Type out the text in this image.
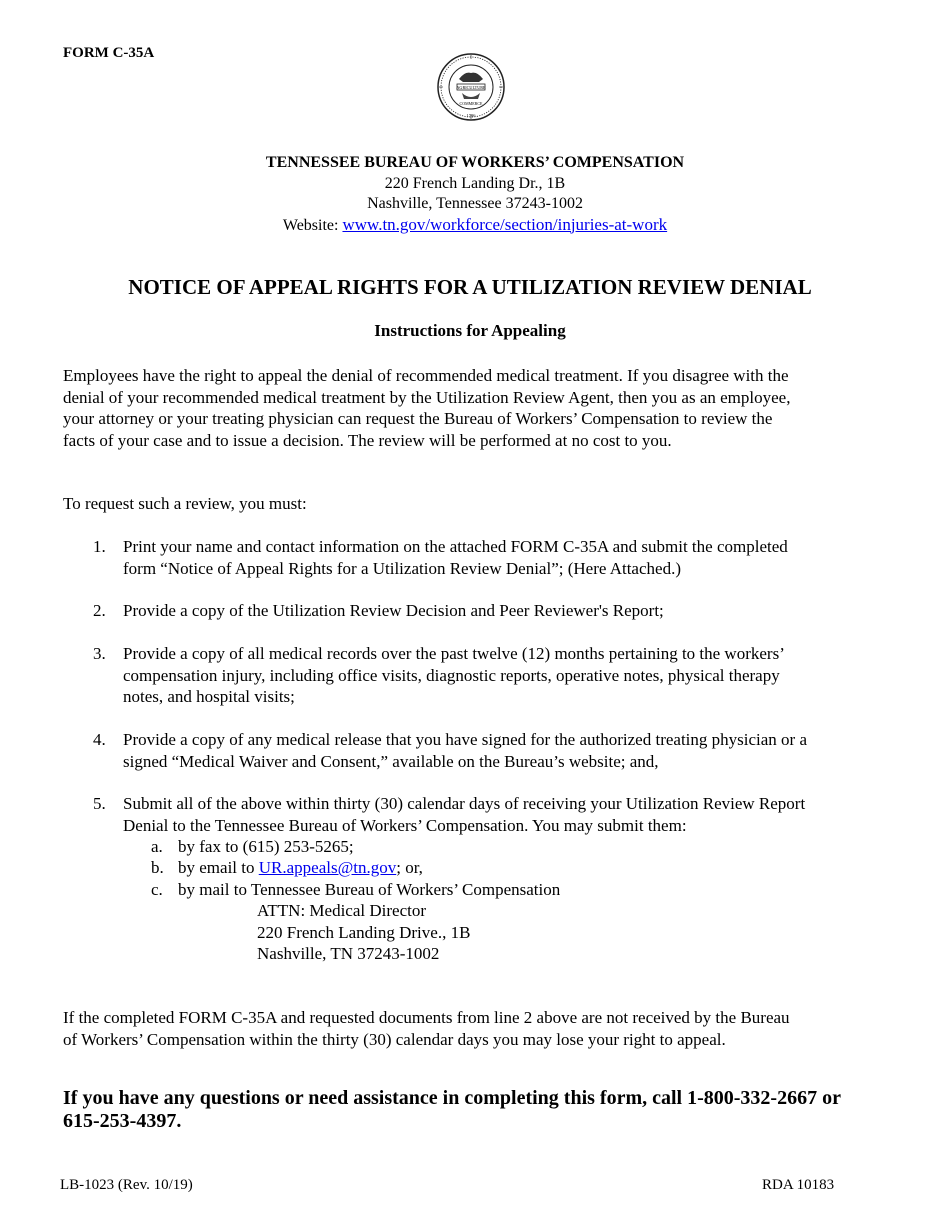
FORM C-35A
AGRICULTURE
COMMERCE
1796
TENNESSEE BUREAU OF WORKERS’ COMPENSATION
220 French Landing Dr., 1B
Nashville, Tennessee 37243-1002
Website: www.tn.gov/workforce/section/injuries-at-work
NOTICE OF APPEAL RIGHTS FOR A UTILIZATION REVIEW DENIAL
Instructions for Appealing
Employees have the right to appeal the denial of recommended medical treatment. If you disagree with the
denial of your recommended medical treatment by the Utilization Review Agent, then you as an employee,
your attorney or your treating physician can request the Bureau of Workers’ Compensation to review the
facts of your case and to issue a decision. The review will be performed at no cost to you.
To request such a review, you must:
1.	Print your name and contact information on the attached FORM C-35A and submit the completed
form “Notice of Appeal Rights for a Utilization Review Denial”; (Here Attached.)
2.	Provide a copy of the Utilization Review Decision and Peer Reviewer's Report;
3.	Provide a copy of all medical records over the past twelve (12) months pertaining to the workers’
compensation injury, including office visits, diagnostic reports, operative notes, physical therapy
notes, and hospital visits;
4.	Provide a copy of any medical release that you have signed for the authorized treating physician or a
signed “Medical Waiver and Consent,” available on the Bureau’s website; and,
5.	Submit all of the above within thirty (30) calendar days of receiving your Utilization Review Report
Denial to the Tennessee Bureau of Workers’ Compensation. You may submit them:
a. by fax to (615) 253-5265;
b. by email to UR.appeals@tn.gov; or,
c. by mail to Tennessee Bureau of Workers’ Compensation
ATTN: Medical Director
220 French Landing Drive., 1B
Nashville, TN 37243-1002
If the completed FORM C-35A and requested documents from line 2 above are not received by the Bureau
of Workers’ Compensation within the thirty (30) calendar days you may lose your right to appeal.
If you have any questions or need assistance in completing this form, call 1-800-332-2667 or
615-253-4397.
LB-1023 (Rev. 10/19)	RDA 10183
